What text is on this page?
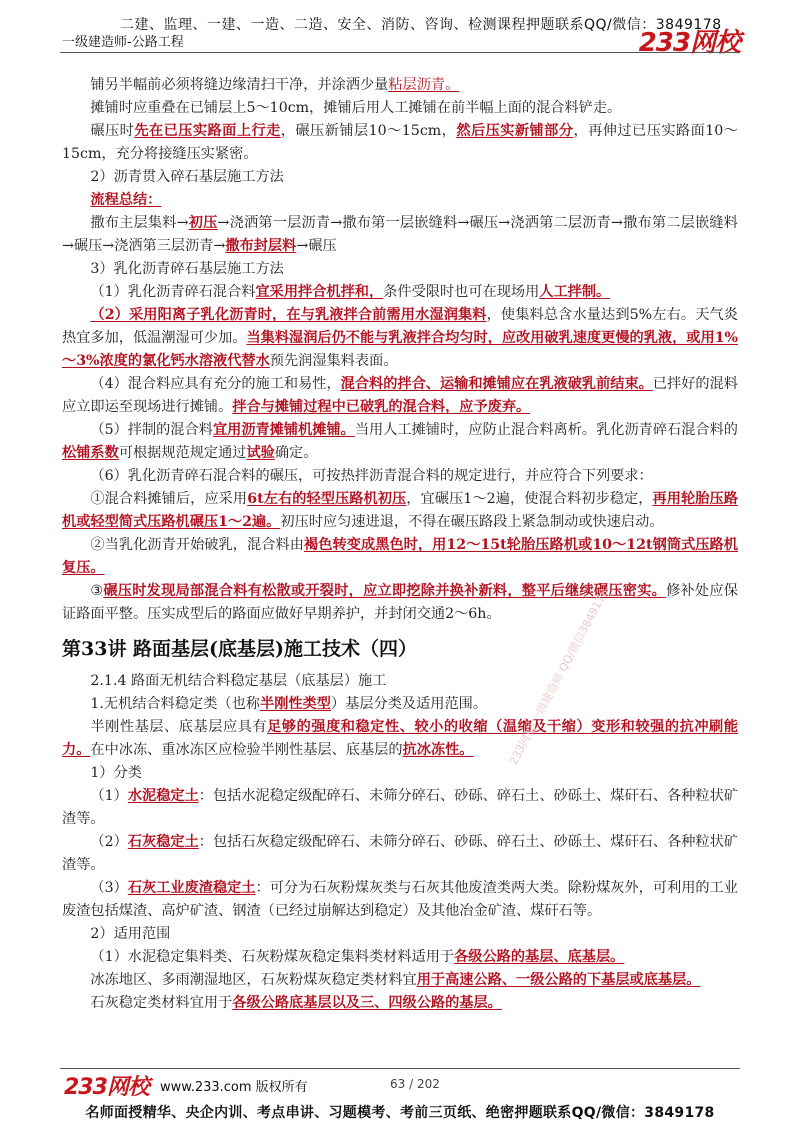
二建、监理、一建、一造、二造、安全、消防、咨询、检测课程押题联系QQ/微信：3849178
一级建造师-公路工程	233网校

铺另半幅前必须将缝边缘清扫干净，并涂洒少量粘层沥青。

摊铺时应重叠在已铺层上5～10cm，摊铺后用人工摊铺在前半幅上面的混合料铲走。

碾压时先在已压实路面上行走，碾压新铺层10～15cm，然后压实新铺部分，再伸过已压实路面10～15cm，充分将接缝压实紧密。

2）沥青贯入碎石基层施工方法

流程总结：

撒布主层集料→初压→浇洒第一层沥青→撒布第一层嵌缝料→碾压→浇洒第二层沥青→撒布第二层嵌缝料→碾压→浇洒第三层沥青→撒布封层料→碾压

3）乳化沥青碎石基层施工方法

（1）乳化沥青碎石混合料宜采用拌合机拌和，条件受限时也可在现场用人工拌制。

（2）采用阳离子乳化沥青时，在与乳液拌合前需用水湿润集料，使集料总含水量达到5%左右。天气炎热宜多加，低温潮湿可少加。当集料湿润后仍不能与乳液拌合均匀时，应改用破乳速度更慢的乳液，或用1%～3%浓度的氯化钙水溶液代替水预先润湿集料表面。

（4）混合料应具有充分的施工和易性，混合料的拌合、运输和摊铺应在乳液破乳前结束。已拌好的混料应立即运至现场进行摊铺。拌合与摊铺过程中已破乳的混合料，应予废弃。

（5）拌制的混合料宜用沥青摊铺机摊铺。当用人工摊铺时，应防止混合料离析。乳化沥青碎石混合料的松铺系数可根据规范规定通过试验确定。

（6）乳化沥青碎石混合料的碾压，可按热拌沥青混合料的规定进行，并应符合下列要求：

①混合料摊铺后，应采用6t左右的轻型压路机初压，宜碾压1～2遍，使混合料初步稳定，再用轮胎压路机或轻型简式压路机碾压1～2遍。初压时应匀速进退，不得在碾压路段上紧急制动或快速启动。

②当乳化沥青开始破乳，混合料由褐色转变成黑色时，用12～15t轮胎压路机或10～12t钢筒式压路机复压。

③碾压时发现局部混合料有松散或开裂时，应立即挖除并换补新料，整平后继续碾压密实。修补处应保证路面平整。压实成型后的路面应做好早期养护，并封闭交通2～6h。

第33讲 路面基层(底基层)施工技术（四）

2.1.4 路面无机结合料稳定基层（底基层）施工

1.无机结合料稳定类（也称半刚性类型）基层分类及适用范围。

半刚性基层、底基层应具有足够的强度和稳定性、较小的收缩（温缩及干缩）变形和较强的抗冲刷能力。在中冰冻、重冰冻区应检验半刚性基层、底基层的抗冰冻性。

1）分类

（1）水泥稳定土：包括水泥稳定级配碎石、未筛分碎石、砂砾、碎石土、砂砾土、煤矸石、各种粒状矿渣等。

（2）石灰稳定土：包括石灰稳定级配碎石、未筛分碎石、砂砾、碎石土、砂砾土、煤矸石、各种粒状矿渣等。

（3）石灰工业废渣稳定土：可分为石灰粉煤灰类与石灰其他废渣类两大类。除粉煤灰外，可利用的工业废渣包括煤渣、高炉矿渣、钢渣（已经过崩解达到稳定）及其他冶金矿渣、煤矸石等。

2）适用范围

（1）水泥稳定集料类、石灰粉煤灰稳定集料类材料适用于各级公路的基层、底基层。

冰冻地区、多雨潮湿地区，石灰粉煤灰稳定类材料宜用于高速公路、一级公路的下基层或底基层。

石灰稳定类材料宜用于各级公路底基层以及三、四级公路的基层。

233网校-一级建造师 QQ/微信3849178
233网校 www.233.com 版权所有	63 / 202
名师面授精华、央企内训、考点串讲、习题模考、考前三页纸、绝密押题联系QQ/微信：3849178
